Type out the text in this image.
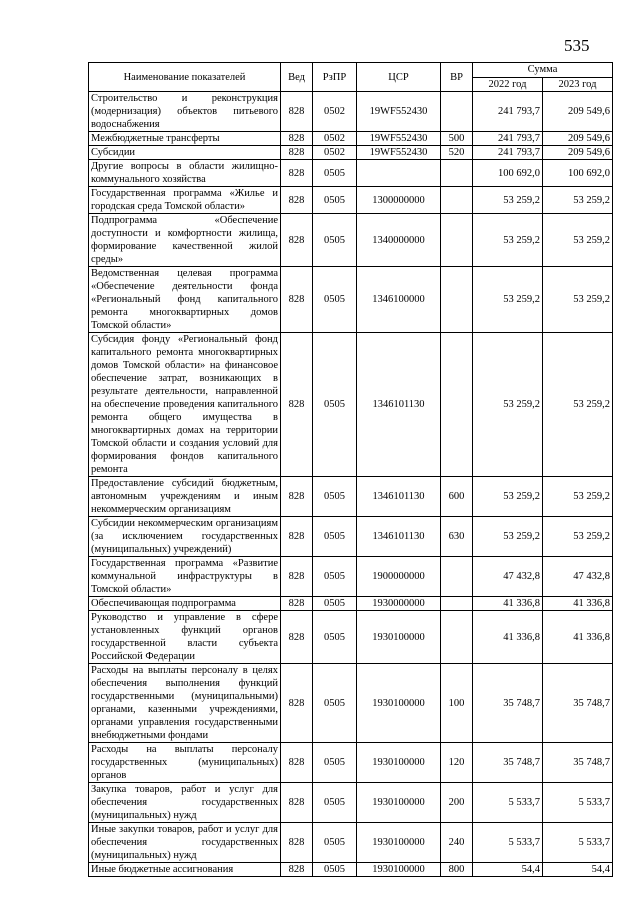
535
Наименование показателей	Вед	РзПР	ЦСР	ВР	Сумма	
					2022 год	2023 год
Строительство и реконструкция (модернизация) объектов питьевого водоснабжения	828	0502	19WF552430		241 793,7	209 549,6
Межбюджетные трансферты	828	0502	19WF552430	500	241 793,7	209 549,6
Субсидии	828	0502	19WF552430	520	241 793,7	209 549,6
Другие вопросы в области жилищно-коммунального хозяйства	828	0505			100 692,0	100 692,0
Государственная программа «Жилье и городская среда Томской области»	828	0505	1300000000		53 259,2	53 259,2
Подпрограмма «Обеспечение доступности и комфортности жилища, формирование качественной жилой среды»	828	0505	1340000000		53 259,2	53 259,2
Ведомственная целевая программа «Обеспечение деятельности фонда «Региональный фонд капитального ремонта многоквартирных домов Томской области»	828	0505	1346100000		53 259,2	53 259,2
Субсидия фонду «Региональный фонд капитального ремонта многоквартирных домов Томской области» на финансовое обеспечение затрат, возникающих в результате деятельности, направленной на обеспечение проведения капитального ремонта общего имущества в многоквартирных домах на территории Томской области и создания условий для формирования фондов капитального ремонта	828	0505	1346101130		53 259,2	53 259,2
Предоставление субсидий бюджетным, автономным учреждениям и иным некоммерческим организациям	828	0505	1346101130	600	53 259,2	53 259,2
Субсидии некоммерческим организациям (за исключением государственных (муниципальных) учреждений)	828	0505	1346101130	630	53 259,2	53 259,2
Государственная программа «Развитие коммунальной инфраструктуры в Томской области»	828	0505	1900000000		47 432,8	47 432,8
Обеспечивающая подпрограмма	828	0505	1930000000		41 336,8	41 336,8
Руководство и управление в сфере установленных функций органов государственной власти субъекта Российской Федерации	828	0505	1930100000		41 336,8	41 336,8
Расходы на выплаты персоналу в целях обеспечения выполнения функций государственными (муниципальными) органами, казенными учреждениями, органами управления государственными внебюджетными фондами	828	0505	1930100000	100	35 748,7	35 748,7
Расходы на выплаты персоналу государственных (муниципальных) органов	828	0505	1930100000	120	35 748,7	35 748,7
Закупка товаров, работ и услуг для обеспечения государственных (муниципальных) нужд	828	0505	1930100000	200	5 533,7	5 533,7
Иные закупки товаров, работ и услуг для обеспечения государственных (муниципальных) нужд	828	0505	1930100000	240	5 533,7	5 533,7
Иные бюджетные ассигнования	828	0505	1930100000	800	54,4	54,4
